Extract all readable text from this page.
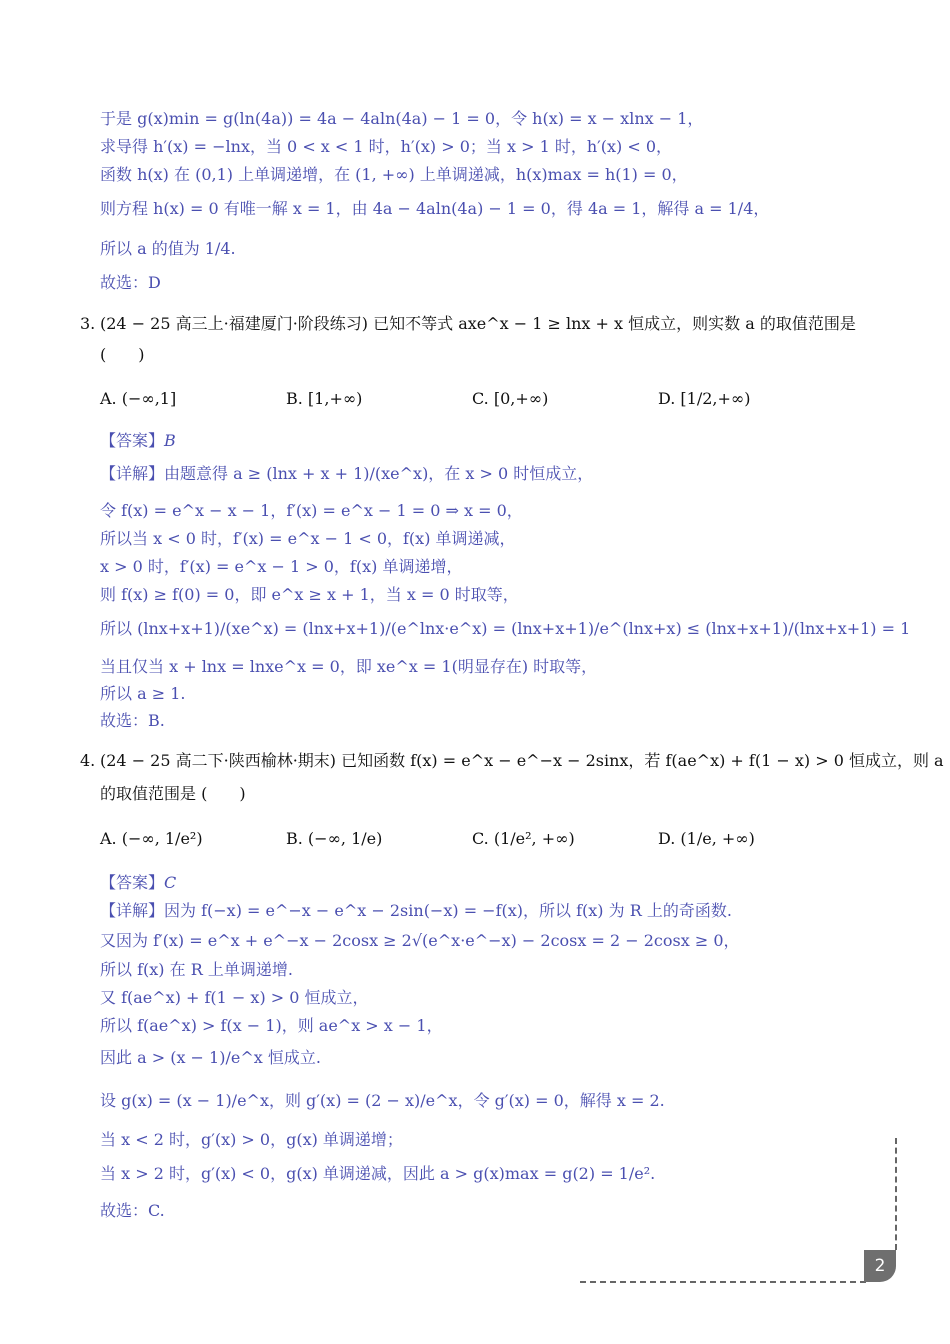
于是 g(x)min = g(ln(4a)) = 4a − 4aln(4a) − 1 = 0，令 h(x) = x − xlnx − 1，
求导得 h′(x) = −lnx，当 0 < x < 1 时，h′(x) > 0；当 x > 1 时，h′(x) < 0，
函数 h(x) 在 (0,1) 上单调递增，在 (1, +∞) 上单调递减，h(x)max = h(1) = 0，
则方程 h(x) = 0 有唯一解 x = 1，由 4a − 4aln(4a) − 1 = 0，得 4a = 1，解得 a = 1/4，
所以 a 的值为 1/4.
故选：D
3. (24 − 25 高三上·福建厦门·阶段练习) 已知不等式 axe^x − 1 ≥ lnx + x 恒成立，则实数 a 的取值范围是
(　　)
A. (−∞,1]	B. [1,+∞)	C. [0,+∞)	D. [1/2,+∞)
【答案】B
【详解】由题意得 a ≥ (lnx + x + 1)/(xe^x)，在 x > 0 时恒成立，
令 f(x) = e^x − x − 1，f′(x) = e^x − 1 = 0 ⇒ x = 0，
所以当 x < 0 时，f′(x) = e^x − 1 < 0，f(x) 单调递减，
x > 0 时，f′(x) = e^x − 1 > 0，f(x) 单调递增，
则 f(x) ≥ f(0) = 0，即 e^x ≥ x + 1，当 x = 0 时取等，
所以 (lnx+x+1)/(xe^x) = (lnx+x+1)/(e^lnx·e^x) = (lnx+x+1)/e^(lnx+x) ≤ (lnx+x+1)/(lnx+x+1) = 1
当且仅当 x + lnx = lnxe^x = 0，即 xe^x = 1(明显存在) 时取等，
所以 a ≥ 1.
故选：B.
4. (24 − 25 高二下·陕西榆林·期末) 已知函数 f(x) = e^x − e^−x − 2sinx，若 f(ae^x) + f(1 − x) > 0 恒成立，则 a
的取值范围是 (　　)
A. (−∞, 1/e²)	B. (−∞, 1/e)	C. (1/e², +∞)	D. (1/e, +∞)
【答案】C
【详解】因为 f(−x) = e^−x − e^x − 2sin(−x) = −f(x)，所以 f(x) 为 R 上的奇函数.
又因为 f′(x) = e^x + e^−x − 2cosx ≥ 2√(e^x·e^−x) − 2cosx = 2 − 2cosx ≥ 0，
所以 f(x) 在 R 上单调递增.
又 f(ae^x) + f(1 − x) > 0 恒成立，
所以 f(ae^x) > f(x − 1)，则 ae^x > x − 1，
因此 a > (x − 1)/e^x 恒成立.
设 g(x) = (x − 1)/e^x，则 g′(x) = (2 − x)/e^x，令 g′(x) = 0，解得 x = 2.
当 x < 2 时，g′(x) > 0，g(x) 单调递增；
当 x > 2 时，g′(x) < 0，g(x) 单调递减，因此 a > g(x)max = g(2) = 1/e².
故选：C.
2
